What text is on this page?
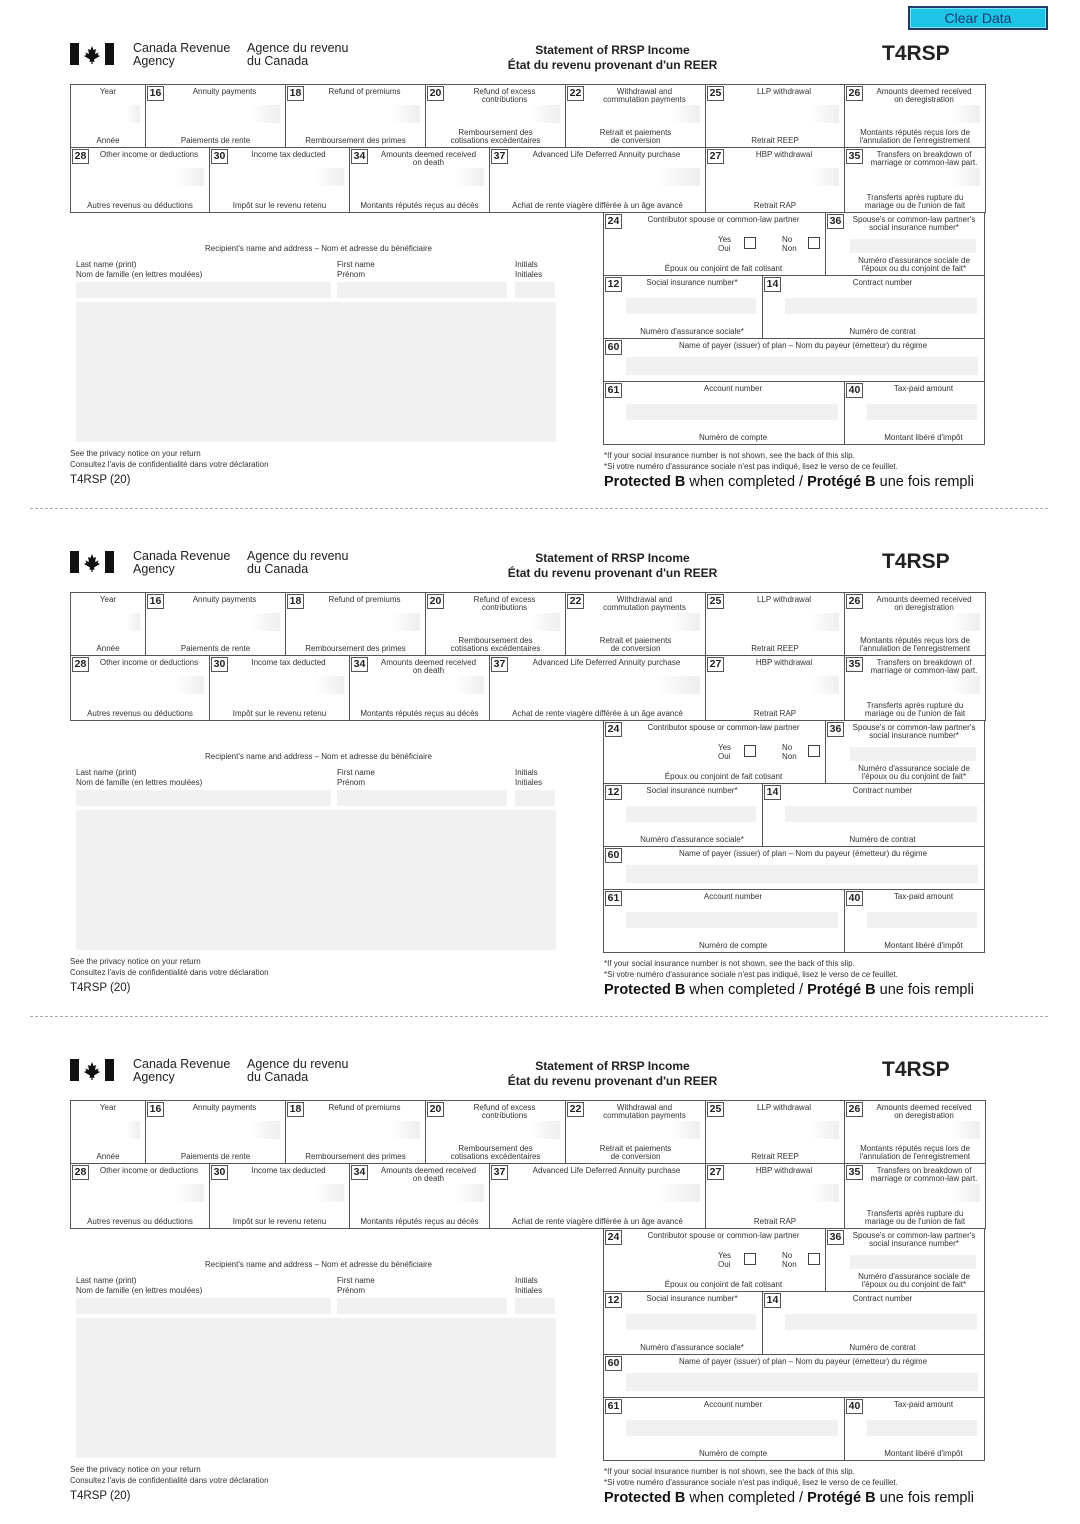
Clear Data
Canada Revenue
Agency
Agence du revenu
du Canada
Statement of RRSP Income
État du revenu provenant d'un REER	T4RSP
Year
Année
16	Annuity payments
Paiements de rente
18	Refund of premiums
Remboursement des primes
20	Refund of excess
contributions
Remboursement des
cotisations excédentaires
22	Withdrawal and
commutation payments
Retrait et paiements
de conversion
25	LLP withdrawal
Retrait REEP
26	Amounts deemed received
on deregistration
Montants réputés reçus lors de
l'annulation de l'enregistrement
28	Other income or deductions
Autres revenus ou déductions
30	Income tax deducted
Impôt sur le revenu retenu
34	Amounts deemed received
on death
Montants réputés reçus au décès
37	Advanced Life Deferred Annuity purchase
Achat de rente viagère différée à un âge avancé
27	HBP withdrawal
Retrait RAP
35	Transfers on breakdown of
marriage or common-law part.
Transferts après rupture du
mariage ou de l'union de fait
Recipient's name and address – Nom et adresse du bénéficiaire
Last name (print)
Nom de famille (en lettres moulées)
First name
Prénom
Initials
Initiales
24	Contributor spouse or common-law partner
Yes
Oui
No
Non
Époux ou conjoint de fait cotisant
36	Spouse's or common-law partner's
social insurance number*
Numéro d'assurance sociale de
l'époux ou du conjoint de fait*
12	Social insurance number*
Numéro d'assurance sociale*
14	Contract number
Numéro de contrat
60	Name of payer (issuer) of plan – Nom du payeur (émetteur) du régime
61	Account number
Numéro de compte
40	Tax-paid amount
Montant libéré d'impôt
See the privacy notice on your return
Consultez l'avis de confidentialité dans votre déclaration
T4RSP (20)
*If your social insurance number is not shown, see the back of this slip.
*Si votre numéro d'assurance sociale n'est pas indiqué, lisez le verso de ce feuillet.
Protected B when completed / Protégé B une fois rempli
Canada Revenue
Agency
Agence du revenu
du Canada
Statement of RRSP Income
État du revenu provenant d'un REER	T4RSP
Year
Année
16	Annuity payments
Paiements de rente
18	Refund of premiums
Remboursement des primes
20	Refund of excess
contributions
Remboursement des
cotisations excédentaires
22	Withdrawal and
commutation payments
Retrait et paiements
de conversion
25	LLP withdrawal
Retrait REEP
26	Amounts deemed received
on deregistration
Montants réputés reçus lors de
l'annulation de l'enregistrement
28	Other income or deductions
Autres revenus ou déductions
30	Income tax deducted
Impôt sur le revenu retenu
34	Amounts deemed received
on death
Montants réputés reçus au décès
37	Advanced Life Deferred Annuity purchase
Achat de rente viagère différée à un âge avancé
27	HBP withdrawal
Retrait RAP
35	Transfers on breakdown of
marriage or common-law part.
Transferts après rupture du
mariage ou de l'union de fait
Recipient's name and address – Nom et adresse du bénéficiaire
Last name (print)
Nom de famille (en lettres moulées)
First name
Prénom
Initials
Initiales
24	Contributor spouse or common-law partner
Yes
Oui
No
Non
Époux ou conjoint de fait cotisant
36	Spouse's or common-law partner's
social insurance number*
Numéro d'assurance sociale de
l'époux ou du conjoint de fait*
12	Social insurance number*
Numéro d'assurance sociale*
14	Contract number
Numéro de contrat
60	Name of payer (issuer) of plan – Nom du payeur (émetteur) du régime
61	Account number
Numéro de compte
40	Tax-paid amount
Montant libéré d'impôt
See the privacy notice on your return
Consultez l'avis de confidentialité dans votre déclaration
T4RSP (20)
*If your social insurance number is not shown, see the back of this slip.
*Si votre numéro d'assurance sociale n'est pas indiqué, lisez le verso de ce feuillet.
Protected B when completed / Protégé B une fois rempli
Canada Revenue
Agency
Agence du revenu
du Canada
Statement of RRSP Income
État du revenu provenant d'un REER	T4RSP
Year
Année
16	Annuity payments
Paiements de rente
18	Refund of premiums
Remboursement des primes
20	Refund of excess
contributions
Remboursement des
cotisations excédentaires
22	Withdrawal and
commutation payments
Retrait et paiements
de conversion
25	LLP withdrawal
Retrait REEP
26	Amounts deemed received
on deregistration
Montants réputés reçus lors de
l'annulation de l'enregistrement
28	Other income or deductions
Autres revenus ou déductions
30	Income tax deducted
Impôt sur le revenu retenu
34	Amounts deemed received
on death
Montants réputés reçus au décès
37	Advanced Life Deferred Annuity purchase
Achat de rente viagère différée à un âge avancé
27	HBP withdrawal
Retrait RAP
35	Transfers on breakdown of
marriage or common-law part.
Transferts après rupture du
mariage ou de l'union de fait
Recipient's name and address – Nom et adresse du bénéficiaire
Last name (print)
Nom de famille (en lettres moulées)
First name
Prénom
Initials
Initiales
24	Contributor spouse or common-law partner
Yes
Oui
No
Non
Époux ou conjoint de fait cotisant
36	Spouse's or common-law partner's
social insurance number*
Numéro d'assurance sociale de
l'époux ou du conjoint de fait*
12	Social insurance number*
Numéro d'assurance sociale*
14	Contract number
Numéro de contrat
60	Name of payer (issuer) of plan – Nom du payeur (émetteur) du régime
61	Account number
Numéro de compte
40	Tax-paid amount
Montant libéré d'impôt
See the privacy notice on your return
Consultez l'avis de confidentialité dans votre déclaration
T4RSP (20)
*If your social insurance number is not shown, see the back of this slip.
*Si votre numéro d'assurance sociale n'est pas indiqué, lisez le verso de ce feuillet.
Protected B when completed / Protégé B une fois rempli
